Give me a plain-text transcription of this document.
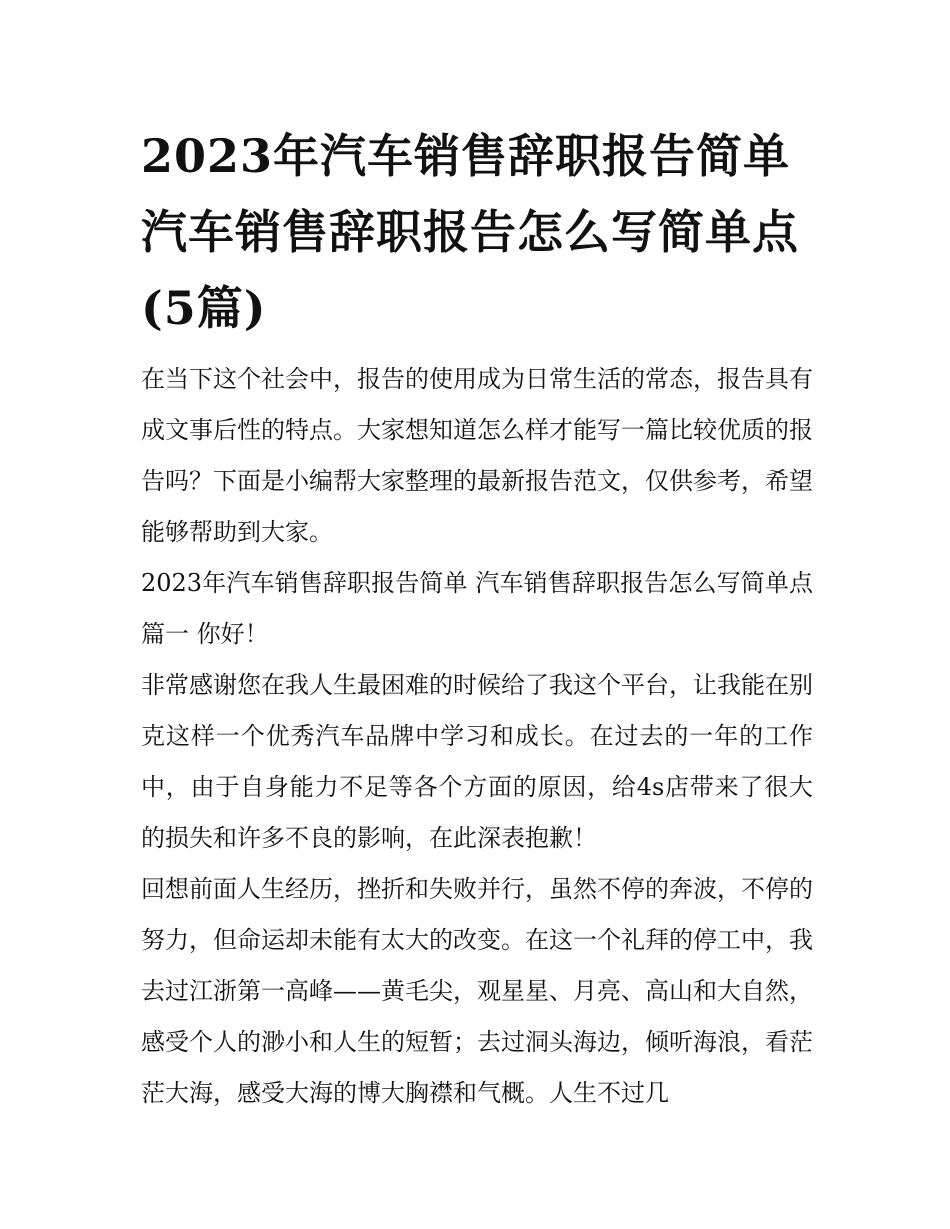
2023年汽车销售辞职报告简单 汽车销售辞职报告怎么写简单点(5篇)

在当下这个社会中，报告的使用成为日常生活的常态，报告具有成文事后性的特点。大家想知道怎么样才能写一篇比较优质的报告吗？下面是小编帮大家整理的最新报告范文，仅供参考，希望能够帮助到大家。

2023年汽车销售辞职报告简单 汽车销售辞职报告怎么写简单点篇一 你好！

非常感谢您在我人生最困难的时候给了我这个平台，让我能在别克这样一个优秀汽车品牌中学习和成长。在过去的一年的工作中，由于自身能力不足等各个方面的原因，给4s店带来了很大的损失和许多不良的影响，在此深表抱歉！

回想前面人生经历，挫折和失败并行，虽然不停的奔波，不停的努力，但命运却未能有太大的改变。在这一个礼拜的停工中，我去过江浙第一高峰——黄毛尖，观星星、月亮、高山和大自然，感受个人的渺小和人生的短暂；去过洞头海边，倾听海浪，看茫茫大海，感受大海的博大胸襟和气概。人生不过几
